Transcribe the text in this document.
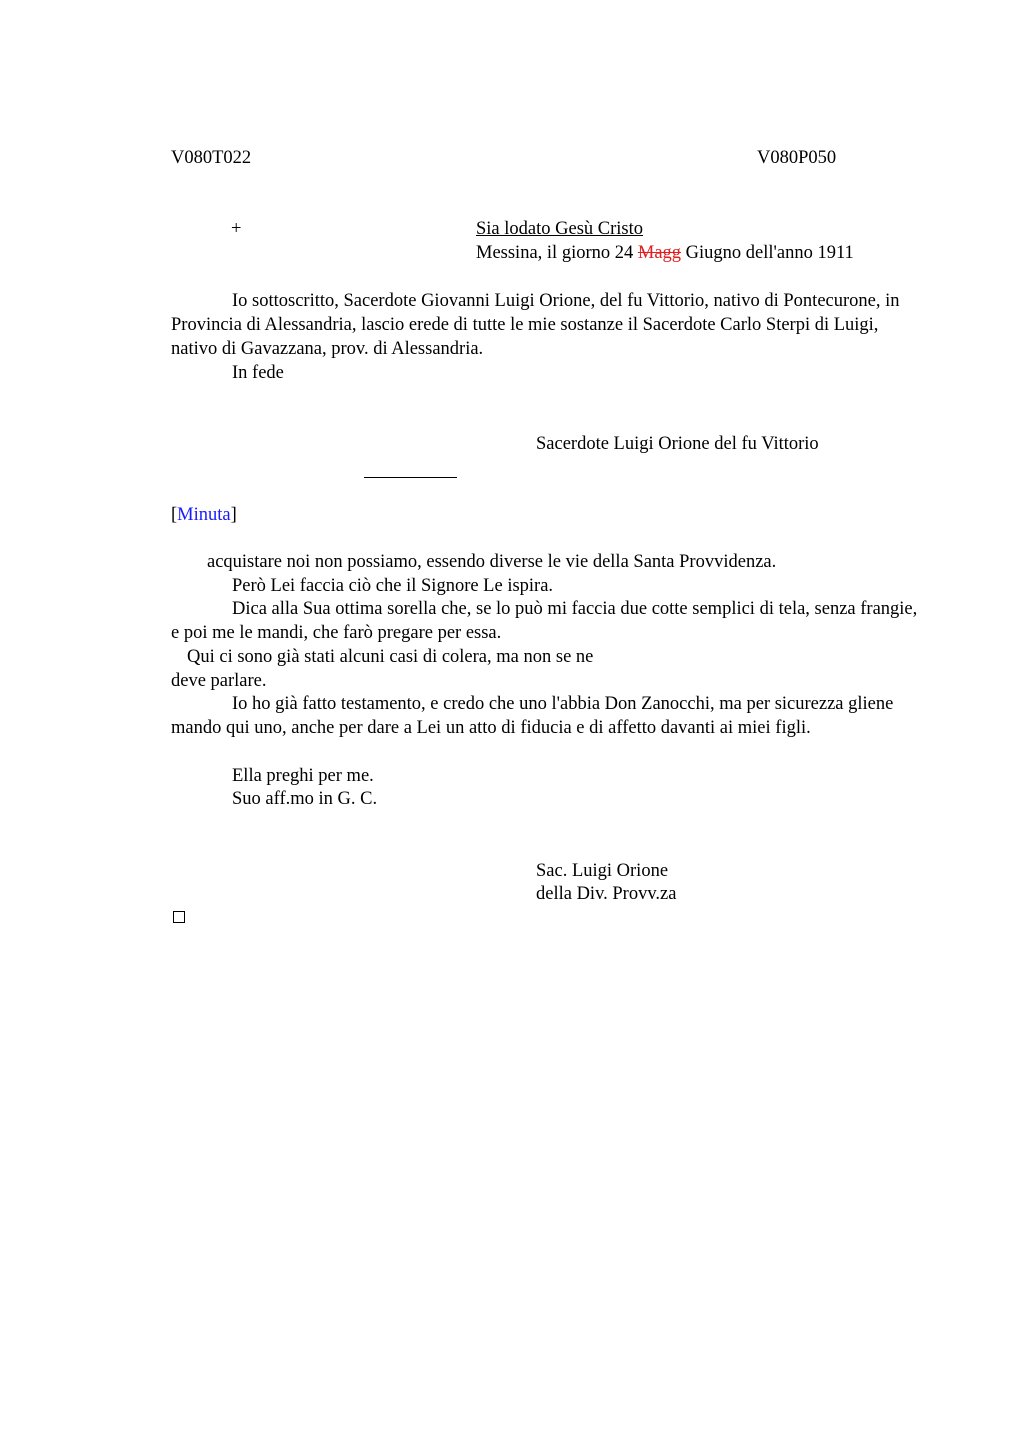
V080T022	V080P050
+	Sia lodato Gesù Cristo
Messina, il giorno 24 Magg Giugno dell'anno 1911
Io sottoscritto, Sacerdote Giovanni Luigi Orione, del fu Vittorio, nativo di Pontecurone, in Provincia di Alessandria, lascio erede di tutte le mie sostanze il Sacerdote Carlo Sterpi di Luigi, nativo di Gavazzana, prov. di Alessandria.
In fede
Sacerdote Luigi Orione del fu Vittorio
[Minuta]
acquistare noi non possiamo, essendo diverse le vie della Santa Provvidenza.
Però Lei faccia ciò che il Signore Le ispira.
Dica alla Sua ottima sorella che, se lo può mi faccia due cotte semplici di tela, senza frangie, e poi me le mandi, che farò pregare per essa.
Qui ci sono già stati alcuni casi di colera, ma non se ne
deve parlare.
Io ho già fatto testamento, e credo che uno l'abbia Don Zanocchi, ma per sicurezza gliene mando qui uno, anche per dare a Lei un atto di fiducia e di affetto davanti ai miei figli.
Ella preghi per me.
Suo aff.mo in G. C.
Sac. Luigi Orione
della Div. Provv.za
